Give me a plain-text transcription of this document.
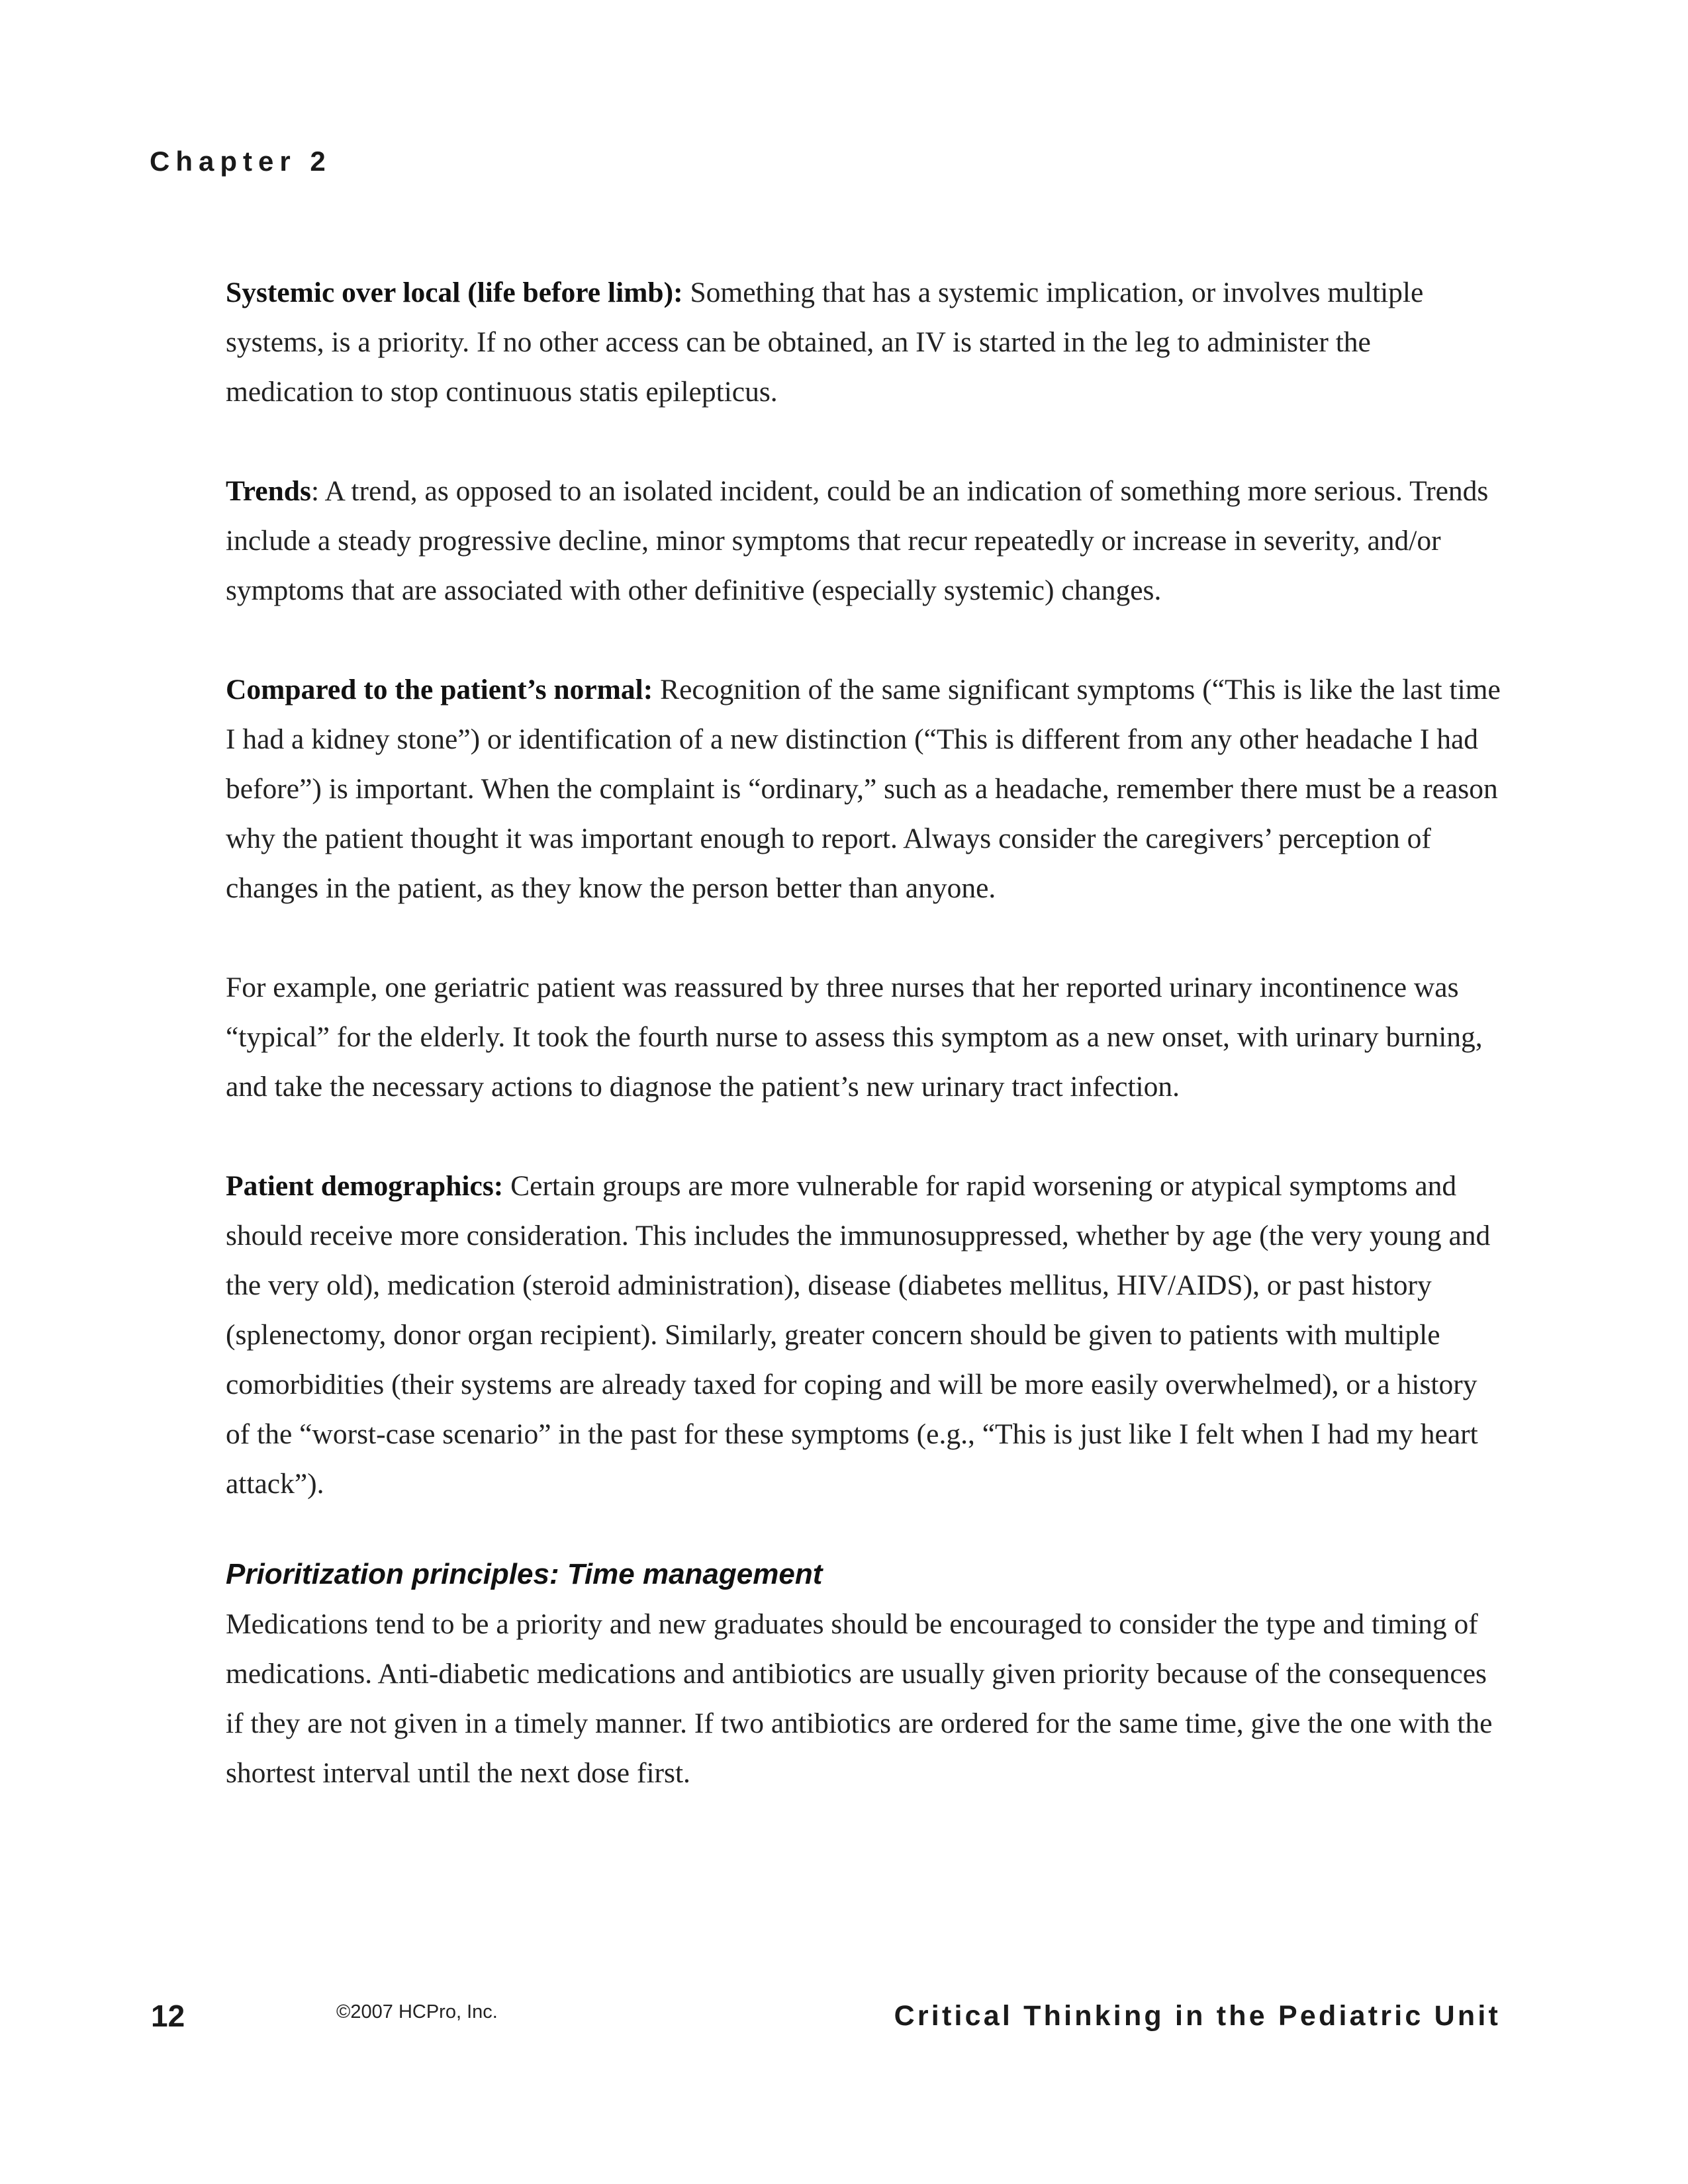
Chapter 2

Systemic over local (life before limb): Something that has a systemic implication, or involves multiple systems, is a priority. If no other access can be obtained, an IV is started in the leg to administer the medication to stop continuous statis epilepticus.

Trends: A trend, as opposed to an isolated incident, could be an indication of something more serious. Trends include a steady progressive decline, minor symptoms that recur repeatedly or increase in severity, and/or symptoms that are associated with other definitive (especially systemic) changes.

Compared to the patient’s normal: Recognition of the same significant symptoms (“This is like the last time I had a kidney stone”) or identification of a new distinction (“This is different from any other headache I had before”) is important. When the complaint is “ordinary,” such as a headache, remember there must be a reason why the patient thought it was important enough to report. Always consider the caregivers’ perception of changes in the patient, as they know the person better than anyone.

For example, one geriatric patient was reassured by three nurses that her reported urinary incontinence was “typical” for the elderly. It took the fourth nurse to assess this symptom as a new onset, with urinary burning, and take the necessary actions to diagnose the patient’s new urinary tract infection.

Patient demographics: Certain groups are more vulnerable for rapid worsening or atypical symptoms and should receive more consideration. This includes the immunosuppressed, whether by age (the very young and the very old), medication (steroid administration), disease (diabetes mellitus, HIV/AIDS), or past history (splenectomy, donor organ recipient). Similarly, greater concern should be given to patients with multiple comorbidities (their systems are already taxed for coping and will be more easily overwhelmed), or a history of the “worst-case scenario” in the past for these symptoms (e.g., “This is just like I felt when I had my heart attack”).

Prioritization principles: Time management

Medications tend to be a priority and new graduates should be encouraged to consider the type and timing of medications. Anti-diabetic medications and antibiotics are usually given priority because of the consequences if they are not given in a timely manner. If two antibiotics are ordered for the same time, give the one with the shortest interval until the next dose first.

12	©2007 HCPro, Inc.	Critical Thinking in the Pediatric Unit
